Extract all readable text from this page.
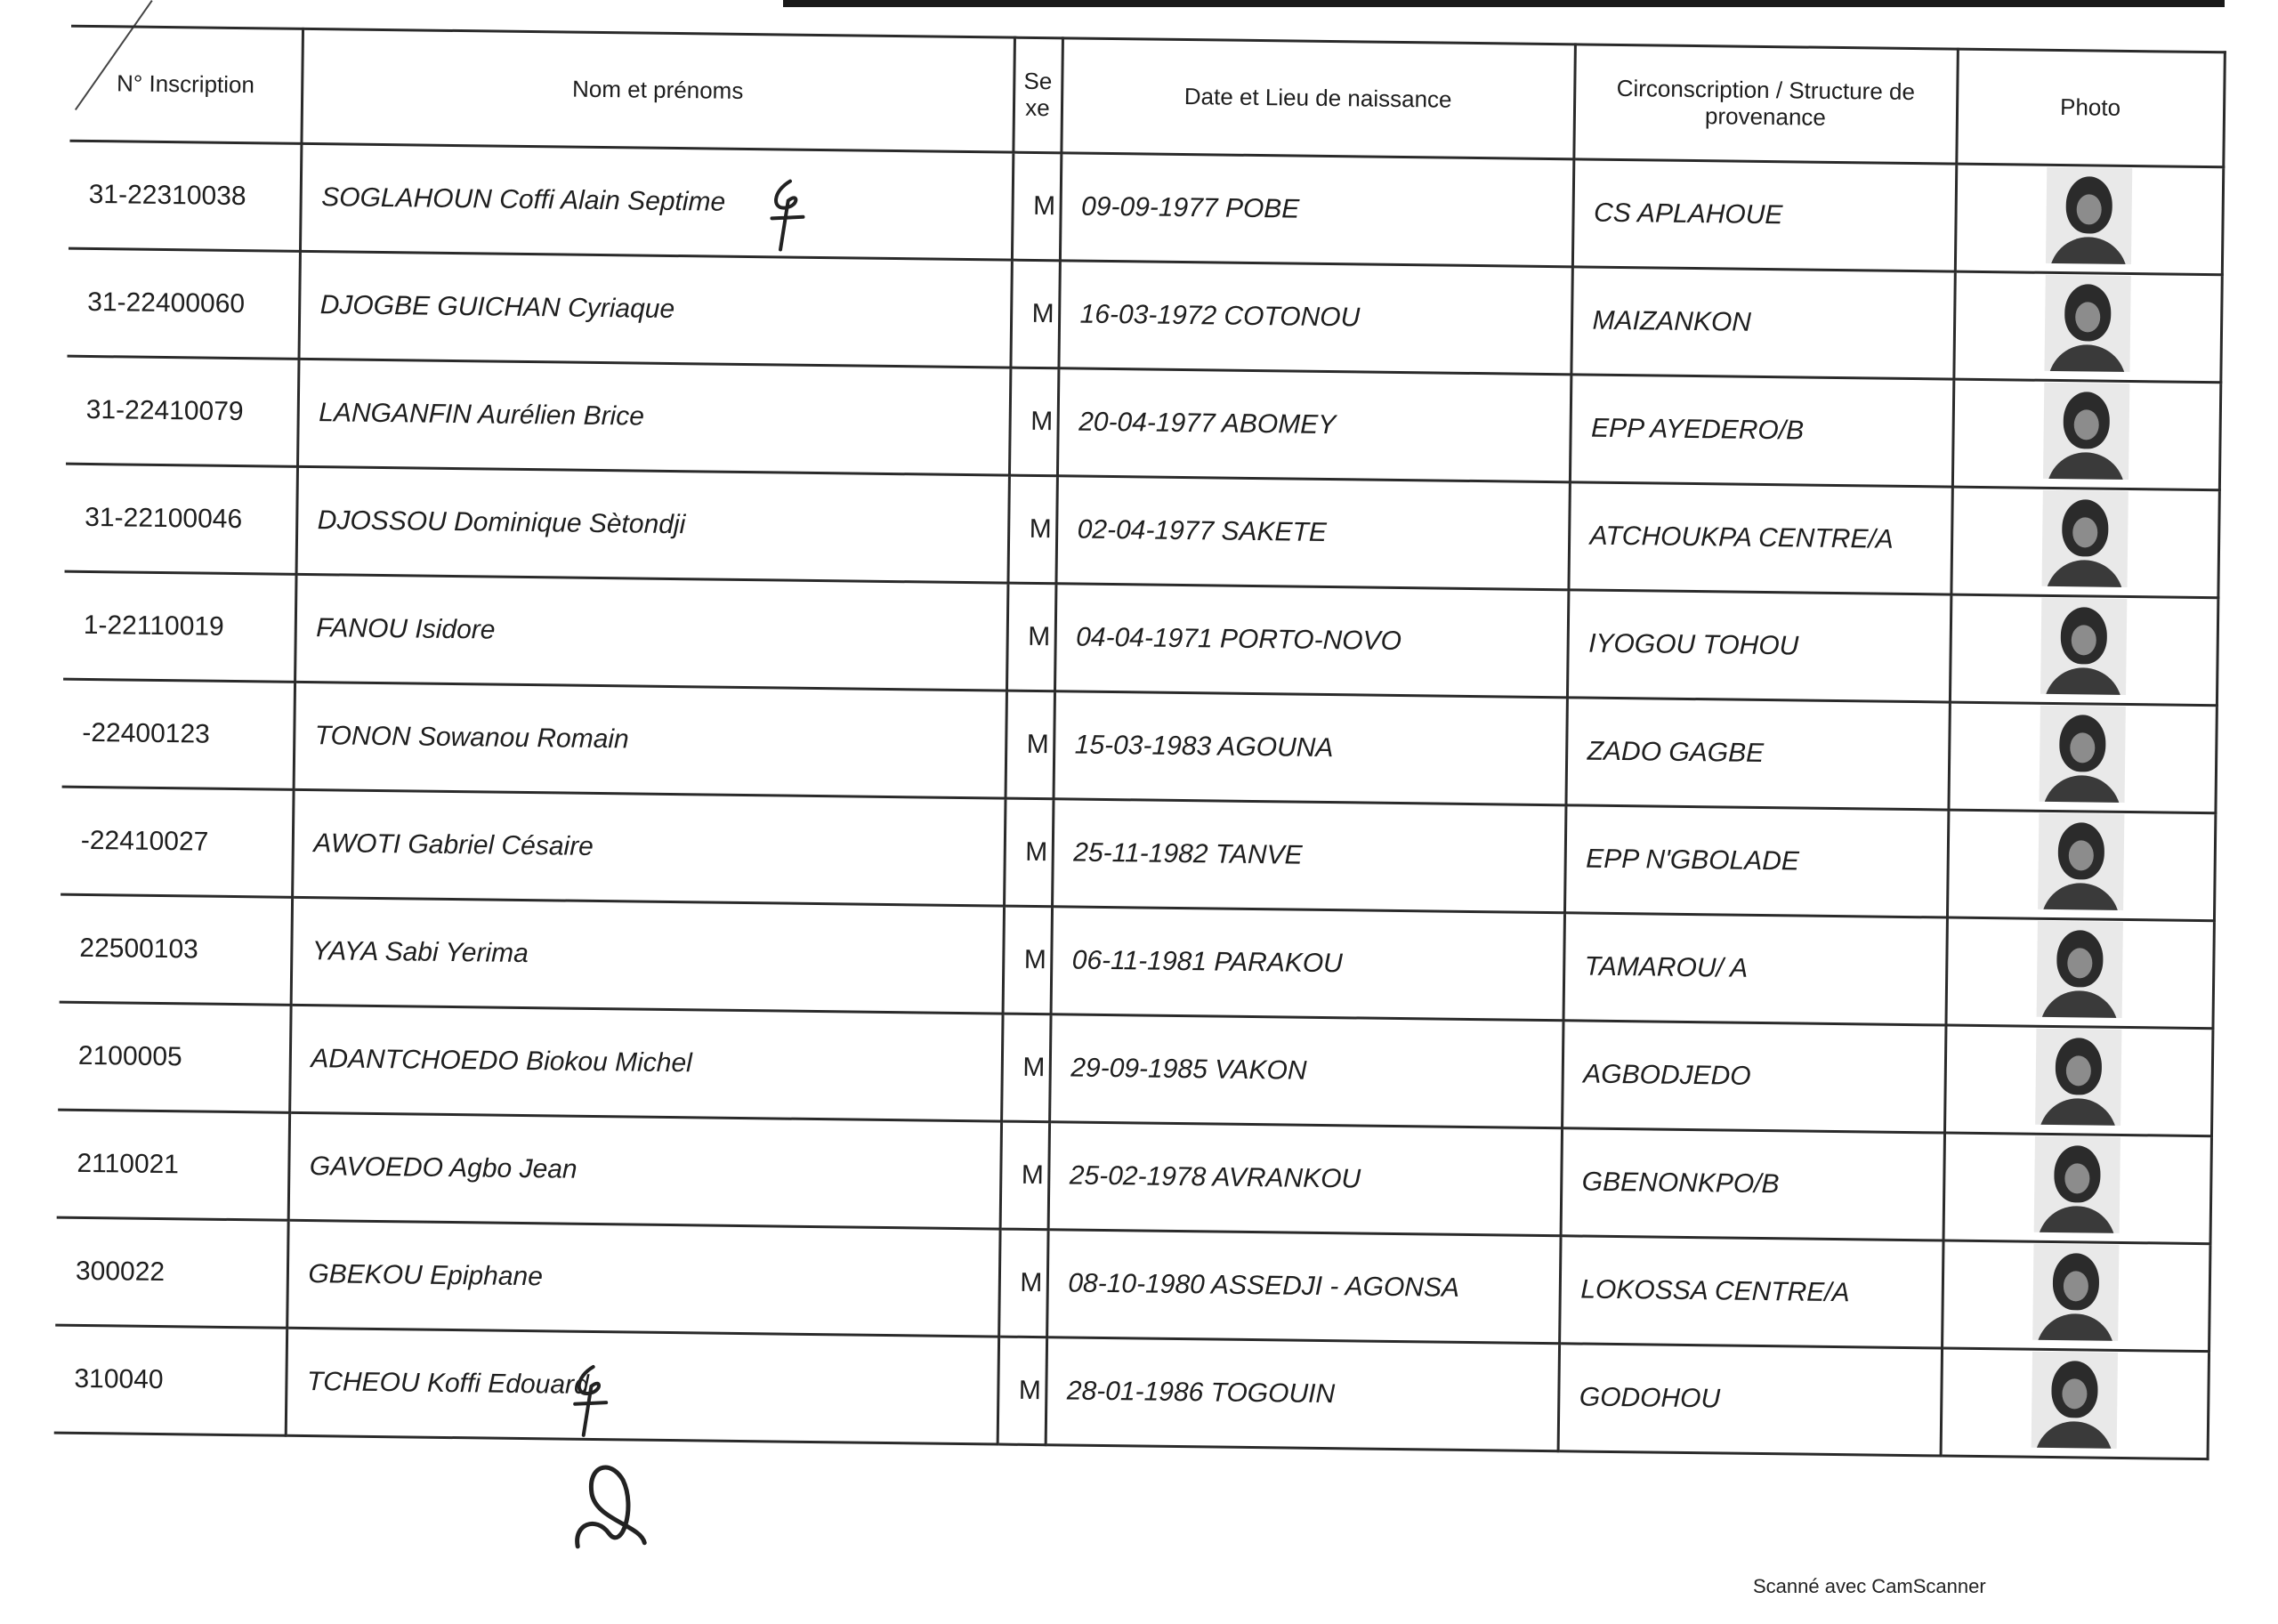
N° Inscription	Nom et prénoms	Se xe	Date et Lieu de naissance	Circonscription / Structure de provenance	Photo
31-22310038	SOGLAHOUN Coffi Alain Septime	M	09-09-1977 POBE	CS APLAHOUE	

31-22400060	DJOGBE GUICHAN Cyriaque	M	16-03-1972 COTONOU	MAIZANKON	

31-22410079	LANGANFIN Aurélien Brice	M	20-04-1977 ABOMEY	EPP AYEDERO/B	

31-22100046	DJOSSOU Dominique Sètondji	M	02-04-1977 SAKETE	ATCHOUKPA CENTRE/A	

1-22110019	FANOU Isidore	M	04-04-1971 PORTO-NOVO	IYOGOU TOHOU	

-22400123	TONON Sowanou Romain	M	15-03-1983 AGOUNA	ZADO GAGBE	

-22410027	AWOTI Gabriel Césaire	M	25-11-1982 TANVE	EPP N'GBOLADE	

22500103	YAYA Sabi Yerima	M	06-11-1981 PARAKOU	TAMAROU/ A	

2100005	ADANTCHOEDO Biokou Michel	M	29-09-1985 VAKON	AGBODJEDO	

2110021	GAVOEDO Agbo Jean	M	25-02-1978 AVRANKOU	GBENONKPO/B	

300022	GBEKOU Epiphane	M	08-10-1980 ASSEDJI - AGONSA	LOKOSSA CENTRE/A	

310040	TCHEOU Koffi Edouard	M	28-01-1986 TOGOUIN	GODOHOU	
Scanné avec CamScanner
